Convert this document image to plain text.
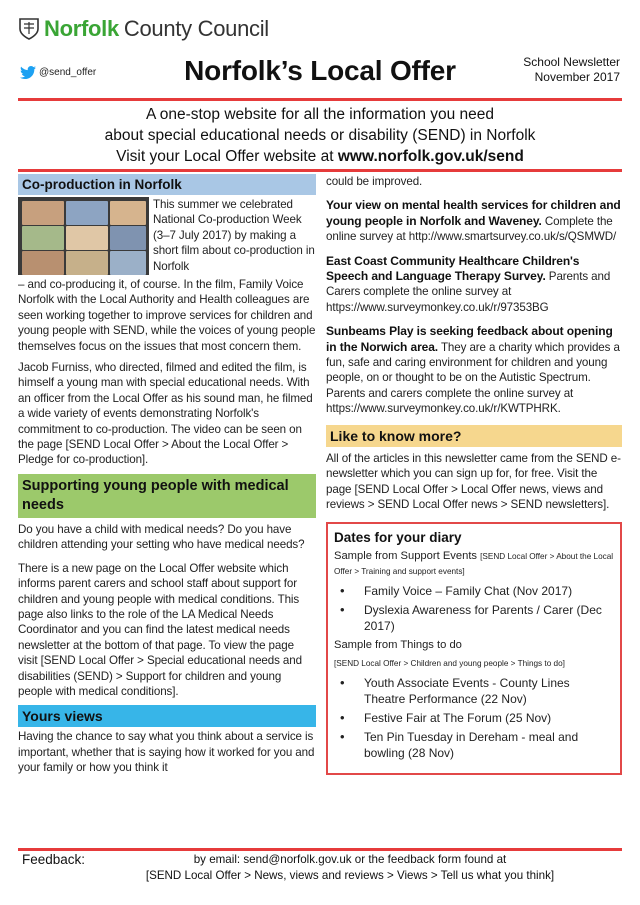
Norfolk County Council
@send_offer	Norfolk’s Local Offer	School Newsletter
November 2017
A one-stop website for all the information you need
about special educational needs or disability (SEND) in Norfolk
Visit your Local Offer website at www.norfolk.gov.uk/send
Co-production in Norfolk
This summer we celebrated National Co-production Week (3–7 July 2017) by making a short film about co-production in Norfolk
– and co-producing it, of course. In the film, Family Voice Norfolk with the Local Authority and Health colleagues are seen working together to improve services for children and young people with SEND, while the voices of young people themselves focus on the issues that most concern them.
Jacob Furniss, who directed, filmed and edited the film, is himself a young man with special educational needs. With an officer from the Local Offer as his sound man, he filmed a wide variety of events demonstrating Norfolk's commitment to co-production. The video can be seen on the page [SEND Local Offer > About the Local Offer > Pledge for co-production].
Supporting young people with medical needs
Do you have a child with medical needs? Do you have children attending your setting who have medical needs?
There is a new page on the Local Offer website which informs parent carers and school staff about support for children and young people with medical conditions. This page also links to the role of the LA Medical Needs Coordinator and you can find the latest medical needs newsletter at the bottom of that page. To view the page visit [SEND Local Offer > Special educational needs and disabilities (SEND) > Support for children and young people with medical conditions].
Yours views
Having the chance to say what you think about a service is important, whether that is saying how it worked for you and your family or how you think it
could be improved.
Your view on mental health services for children and young people in Norfolk and Waveney. Complete the online survey at http://www.smartsurvey.co.uk/s/QSMWD/
East Coast Community Healthcare Children's Speech and Language Therapy Survey. Parents and Carers complete the online survey at https://www.surveymonkey.co.uk/r/97353BG
Sunbeams Play is seeking feedback about opening in the Norwich area. They are a charity which provides a fun, safe and caring environment for children and young people, on or thought to be on the Autistic Spectrum. Parents and carers complete the online survey at https://www.surveymonkey.co.uk/r/KWTPHRK.
Like to know more?
All of the articles in this newsletter came from the SEND e-newsletter which you can sign up for, for free. Visit the page [SEND Local Offer > Local Offer news, views and reviews > SEND Local Offer news > SEND newsletters].
Dates for your diary
Sample from Support Events [SEND Local Offer > About the Local Offer > Training and support events]
• Family Voice – Family Chat (Nov 2017)
• Dyslexia Awareness for Parents / Carer (Dec 2017)
Sample from Things to do
[SEND Local Offer > Children and young people > Things to do]
• Youth Associate Events - County Lines Theatre Performance (22 Nov)
• Festive Fair at The Forum (25 Nov)
• Ten Pin Tuesday in Dereham - meal and bowling (28 Nov)
by email: send@norfolk.gov.uk or the feedback form found at
[SEND Local Offer > News, views and reviews > Views > Tell us what you think]
Feedback:
